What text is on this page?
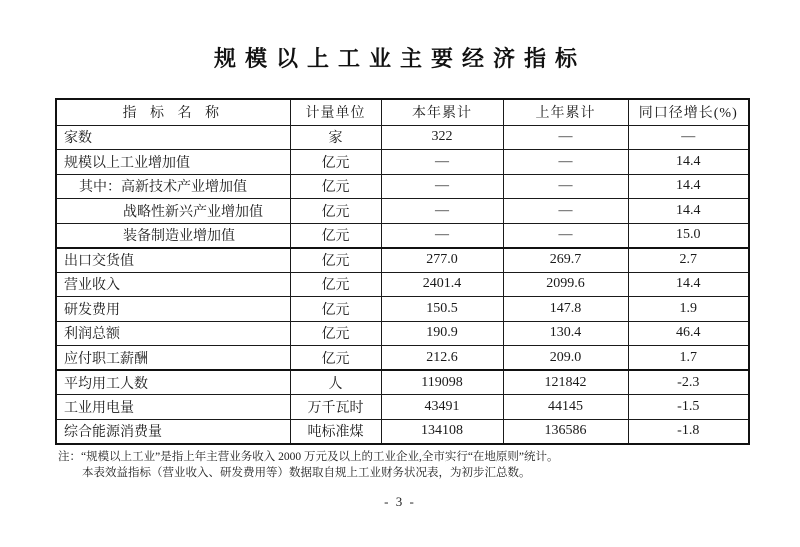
规模以上工业主要经济指标
指 标 名 称	计量单位	本年累计	上年累计	同口径增长(%)
家数	家	322	—	—
规模以上工业增加值	亿元	—	—	14.4
其中：高新技术产业增加值	亿元	—	—	14.4
战略性新兴产业增加值	亿元	—	—	14.4
装备制造业增加值	亿元	—	—	15.0
出口交货值	亿元	277.0	269.7	2.7
营业收入	亿元	2401.4	2099.6	14.4
研发费用	亿元	150.5	147.8	1.9
利润总额	亿元	190.9	130.4	46.4
应付职工薪酬	亿元	212.6	209.0	1.7
平均用工人数	人	119098	121842	-2.3
工业用电量	万千瓦时	43491	44145	-1.5
综合能源消费量	吨标准煤	134108	136586	-1.8
注：“规模以上工业”是指上年主营业务收入 2000 万元及以上的工业企业,全市实行“在地原则”统计。
本表效益指标（营业收入、研发费用等）数据取自规上工业财务状况表，为初步汇总数。
- 3 -
